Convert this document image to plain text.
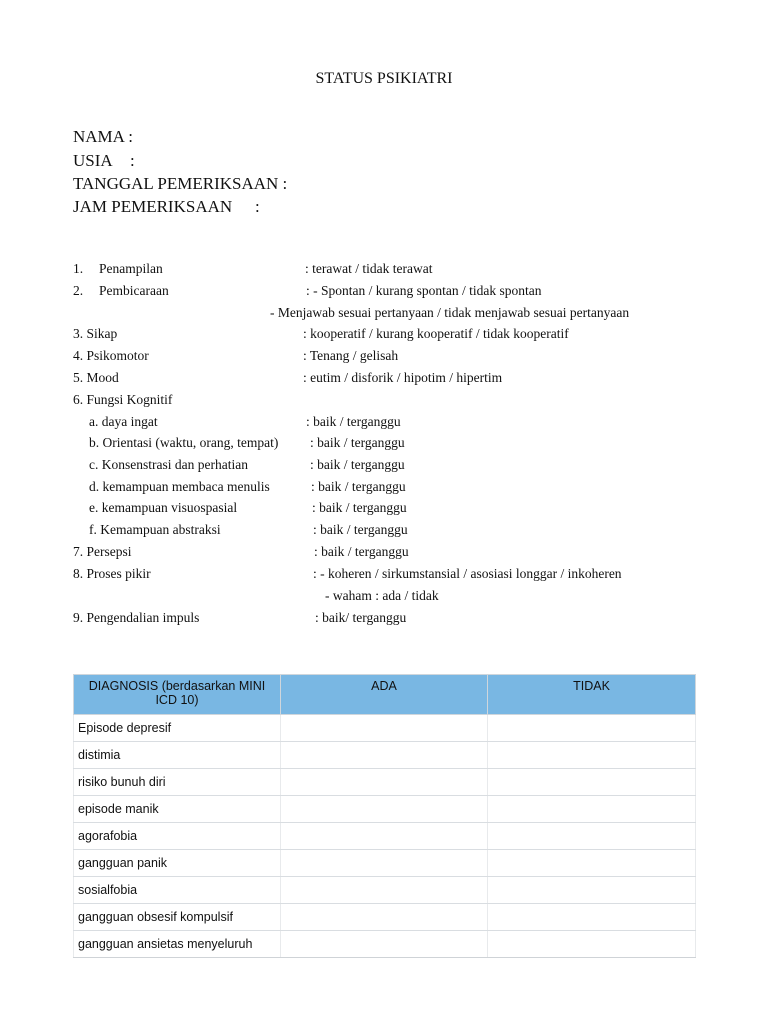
STATUS PSIKIATRI
NAMA :
USIA :
TANGGAL PEMERIKSAAN :
JAM PEMERIKSAAN :
1. Penampilan	: terawat / tidak terawat
2. Pembicaraan	: - Spontan / kurang spontan / tidak spontan
- Menjawab sesuai pertanyaan / tidak menjawab sesuai pertanyaan
3. Sikap	: kooperatif / kurang kooperatif / tidak kooperatif
4. Psikomotor	: Tenang / gelisah
5. Mood	: eutim / disforik / hipotim / hipertim
6. Fungsi Kognitif
a. daya ingat	: baik / terganggu
b. Orientasi (waktu, orang, tempat) : baik / terganggu
c. Konsenstrasi dan perhatian	: baik / terganggu
d. kemampuan membaca menulis	: baik / terganggu
e. kemampuan visuospasial	: baik / terganggu
f. Kemampuan abstraksi	: baik / terganggu
7. Persepsi	: baik / terganggu
8. Proses pikir	: - koheren / sirkumstansial / asosiasi longgar / inkoheren
- waham : ada / tidak
9. Pengendalian impuls	: baik/ terganggu
DIAGNOSIS (berdasarkan MINI ICD 10)	ADA	TIDAK
Episode depresif		
distimia		
risiko bunuh diri		
episode manik		
agorafobia		
gangguan panik		
sosialfobia		
gangguan obsesif kompulsif		
gangguan ansietas menyeluruh		
